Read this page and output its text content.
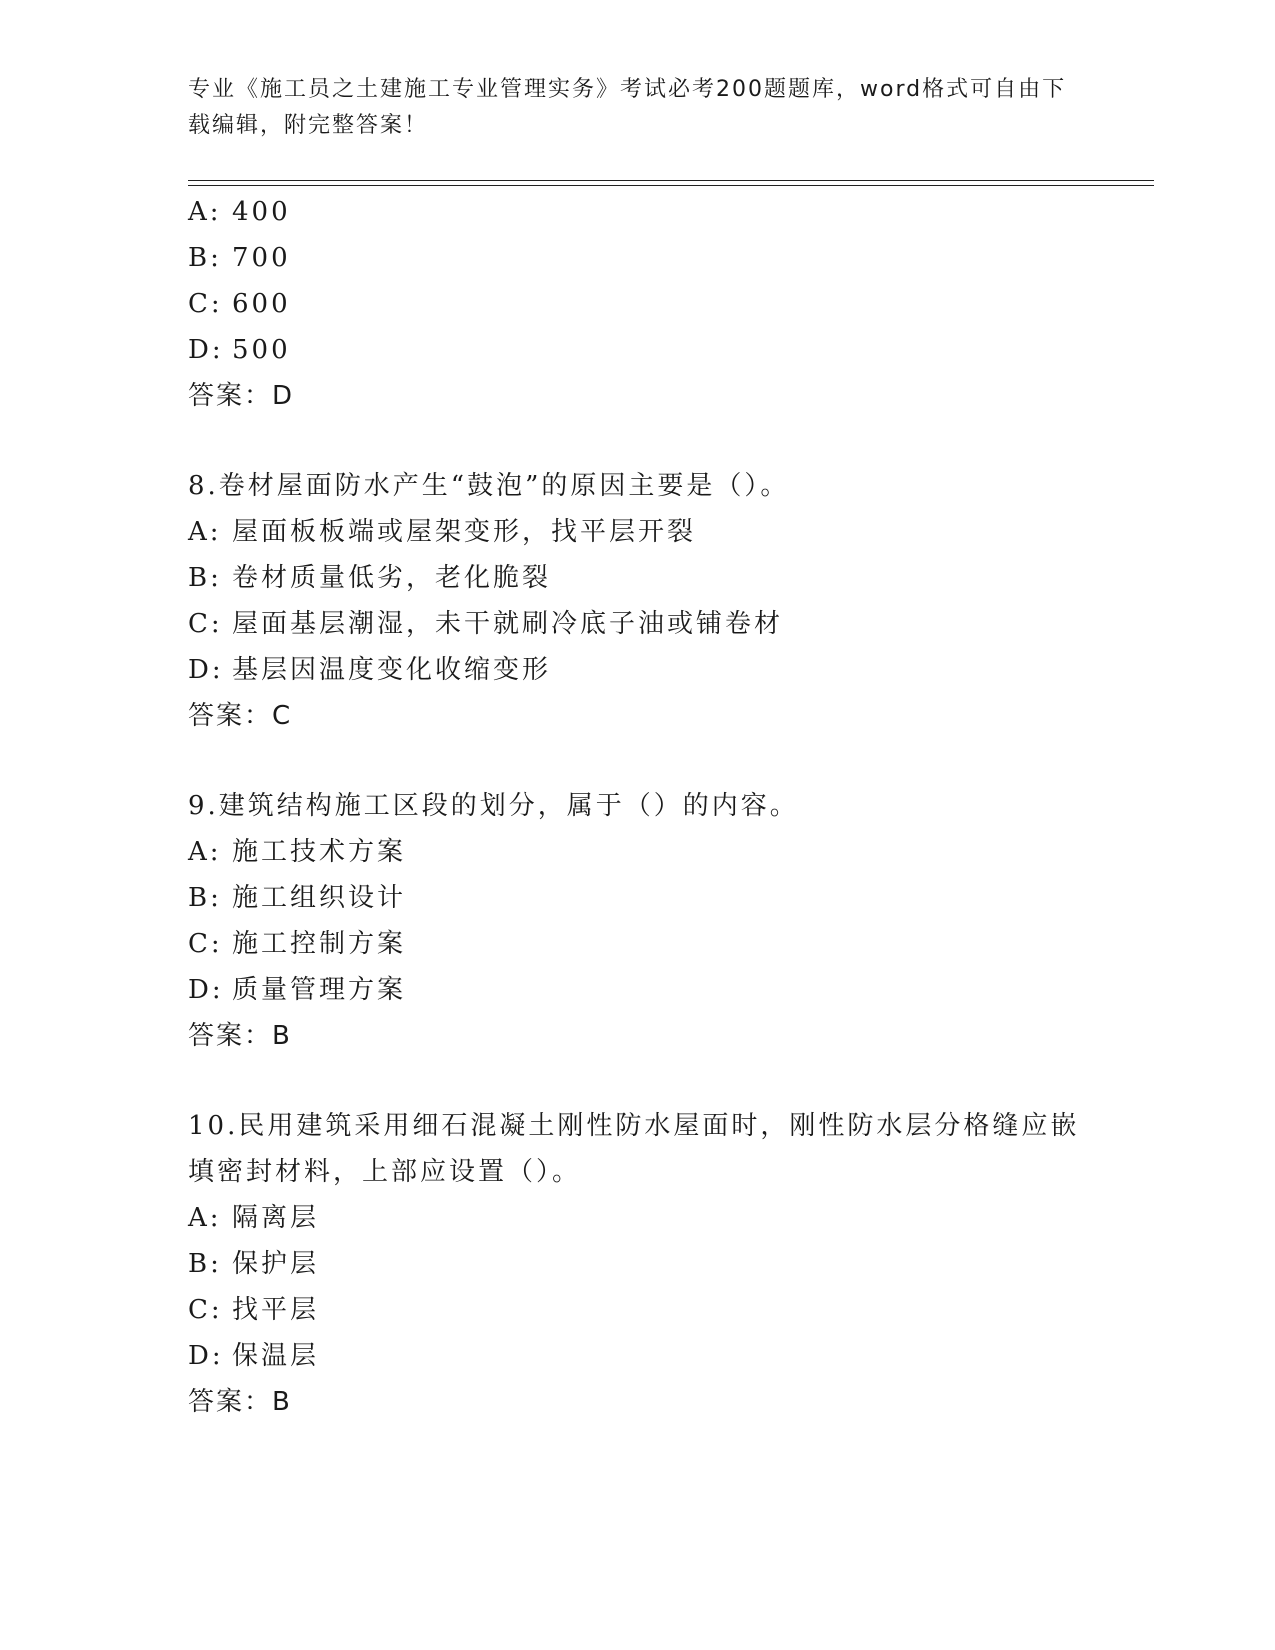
专业《施工员之土建施工专业管理实务》考试必考200题题库，word格式可自由下载编辑，附完整答案！
A: 400
B: 700
C: 600
D: 500
答案：D
8.卷材屋面防水产生“鼓泡”的原因主要是（）。
A: 屋面板板端或屋架变形，找平层开裂
B: 卷材质量低劣，老化脆裂
C: 屋面基层潮湿，未干就刷冷底子油或铺卷材
D: 基层因温度变化收缩变形
答案：C
9.建筑结构施工区段的划分，属于（）的内容。
A: 施工技术方案
B: 施工组织设计
C: 施工控制方案
D: 质量管理方案
答案：B
10.民用建筑采用细石混凝土刚性防水屋面时，刚性防水层分格缝应嵌填密封材料，上部应设置（）。
A: 隔离层
B: 保护层
C: 找平层
D: 保温层
答案：B
